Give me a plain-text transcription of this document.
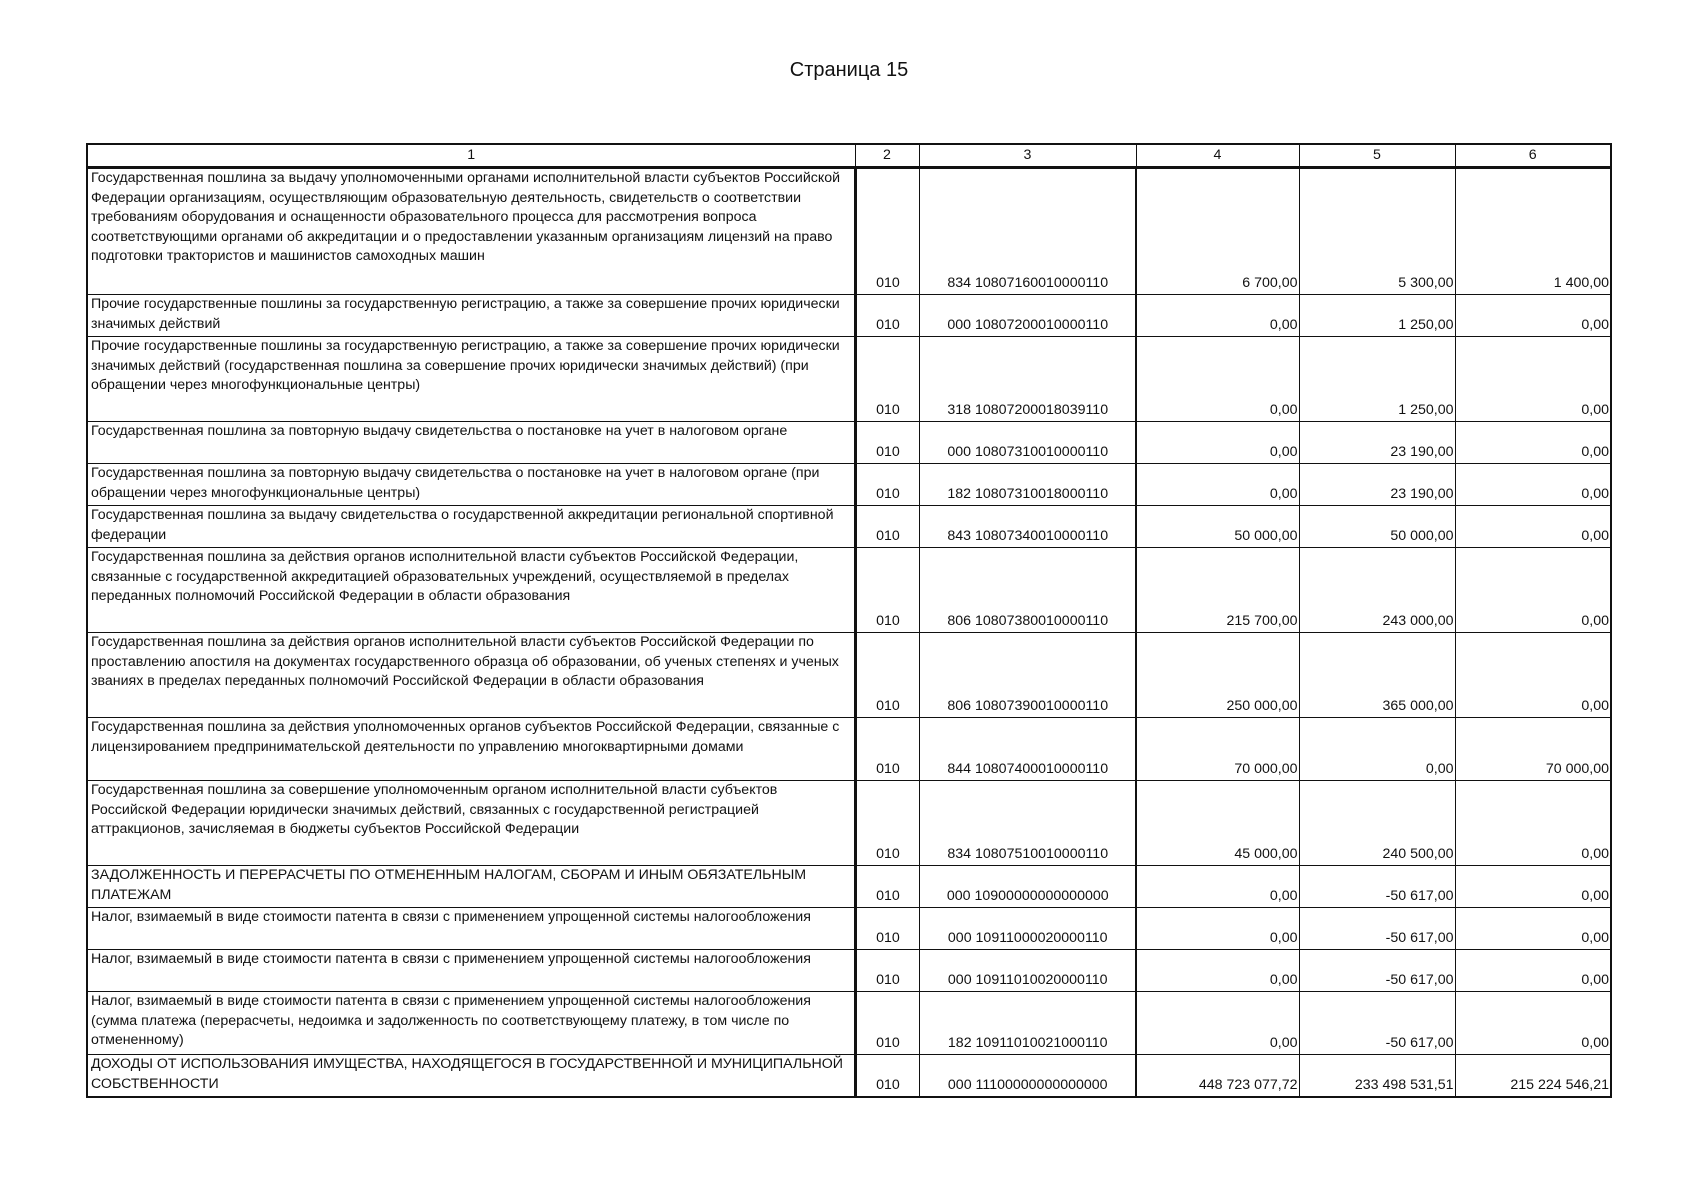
Страница 15
1	2	3	4	5	6
Государственная пошлина за выдачу уполномоченными органами исполнительной власти субъектов Российской Федерации организациям, осуществляющим образовательную деятельность, свидетельств о соответствии требованиям оборудования и оснащенности образовательного процесса для рассмотрения вопроса соответствующими органами об аккредитации и о предоставлении указанным организациям лицензий на право подготовки трактористов и машинистов самоходных машин	010	834 10807160010000110	6 700,00	5 300,00	1 400,00
Прочие государственные пошлины за государственную регистрацию, а также за совершение прочих юридически значимых действий	010	000 10807200010000110	0,00	1 250,00	0,00
Прочие государственные пошлины за государственную регистрацию, а также за совершение прочих юридически значимых действий (государственная пошлина за совершение прочих юридически значимых действий) (при обращении через многофункциональные центры)	010	318 10807200018039110	0,00	1 250,00	0,00
Государственная пошлина за повторную выдачу свидетельства о постановке на учет в налоговом органе	010	000 10807310010000110	0,00	23 190,00	0,00
Государственная пошлина за повторную выдачу свидетельства о постановке на учет в налоговом органе (при обращении через многофункциональные центры)	010	182 10807310018000110	0,00	23 190,00	0,00
Государственная пошлина за выдачу свидетельства о государственной аккредитации региональной спортивной федерации	010	843 10807340010000110	50 000,00	50 000,00	0,00
Государственная пошлина за действия органов исполнительной власти субъектов Российской Федерации, связанные с государственной аккредитацией образовательных учреждений, осуществляемой в пределах переданных полномочий Российской Федерации в области образования	010	806 10807380010000110	215 700,00	243 000,00	0,00
Государственная пошлина за действия органов исполнительной власти субъектов Российской Федерации по проставлению апостиля на документах государственного образца об образовании, об ученых степенях и ученых званиях в пределах переданных полномочий Российской Федерации в области образования	010	806 10807390010000110	250 000,00	365 000,00	0,00
Государственная пошлина за действия уполномоченных органов субъектов Российской Федерации, связанные с лицензированием предпринимательской деятельности по управлению многоквартирными домами	010	844 10807400010000110	70 000,00	0,00	70 000,00
Государственная пошлина за совершение уполномоченным органом исполнительной власти субъектов Российской Федерации юридически значимых действий, связанных с государственной регистрацией аттракционов, зачисляемая в бюджеты субъектов Российской Федерации	010	834 10807510010000110	45 000,00	240 500,00	0,00
ЗАДОЛЖЕННОСТЬ И ПЕРЕРАСЧЕТЫ ПО ОТМЕНЕННЫМ НАЛОГАМ, СБОРАМ И ИНЫМ ОБЯЗАТЕЛЬНЫМ ПЛАТЕЖАМ	010	000 10900000000000000	0,00	-50 617,00	0,00
Налог, взимаемый в виде стоимости патента в связи с применением упрощенной системы налогообложения	010	000 10911000020000110	0,00	-50 617,00	0,00
Налог, взимаемый в виде стоимости патента в связи с применением упрощенной системы налогообложения	010	000 10911010020000110	0,00	-50 617,00	0,00
Налог, взимаемый в виде стоимости патента в связи с применением упрощенной системы налогообложения (сумма платежа (перерасчеты, недоимка и задолженность по соответствующему платежу, в том числе по отмененному)	010	182 10911010021000110	0,00	-50 617,00	0,00
ДОХОДЫ ОТ ИСПОЛЬЗОВАНИЯ ИМУЩЕСТВА, НАХОДЯЩЕГОСЯ В ГОСУДАРСТВЕННОЙ И МУНИЦИПАЛЬНОЙ СОБСТВЕННОСТИ	010	000 11100000000000000	448 723 077,72	233 498 531,51	215 224 546,21
